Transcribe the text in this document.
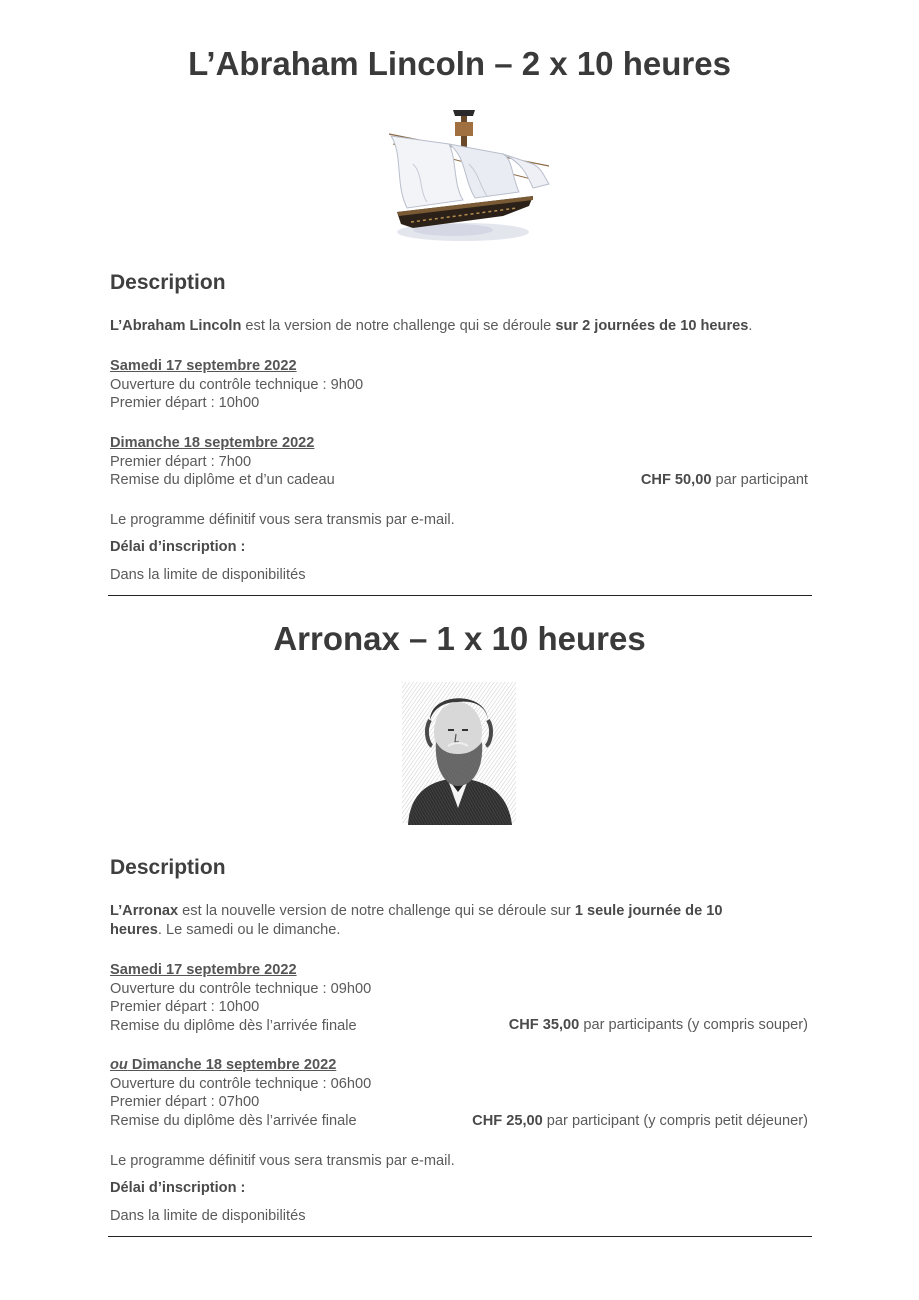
L’Abraham Lincoln – 2 x 10 heures
Description
L’Abraham Lincoln est la version de notre challenge qui se déroule sur 2 journées de 10 heures.
Samedi 17 septembre 2022
Ouverture du contrôle technique : 9h00
Premier départ : 10h00
Dimanche 18 septembre 2022
Premier départ : 7h00
Remise du diplôme et d’un cadeau	CHF 50,00 par participant
Le programme définitif vous sera transmis par e-mail.
Délai d’inscription :
Dans la limite de disponibilités
Arronax – 1 x 10 heures
Description
L’Arronax est la nouvelle version de notre challenge qui se déroule sur 1 seule journée de 10 heures. Le samedi ou le dimanche.
Samedi 17 septembre 2022
Ouverture du contrôle technique : 09h00
Premier départ : 10h00
Remise du diplôme dès l’arrivée finale	CHF 35,00 par participants (y compris souper)
ou Dimanche 18 septembre 2022
Ouverture du contrôle technique : 06h00
Premier départ : 07h00
Remise du diplôme dès l’arrivée finale	CHF 25,00 par participant (y compris petit déjeuner)
Le programme définitif vous sera transmis par e-mail.
Délai d’inscription :
Dans la limite de disponibilités
